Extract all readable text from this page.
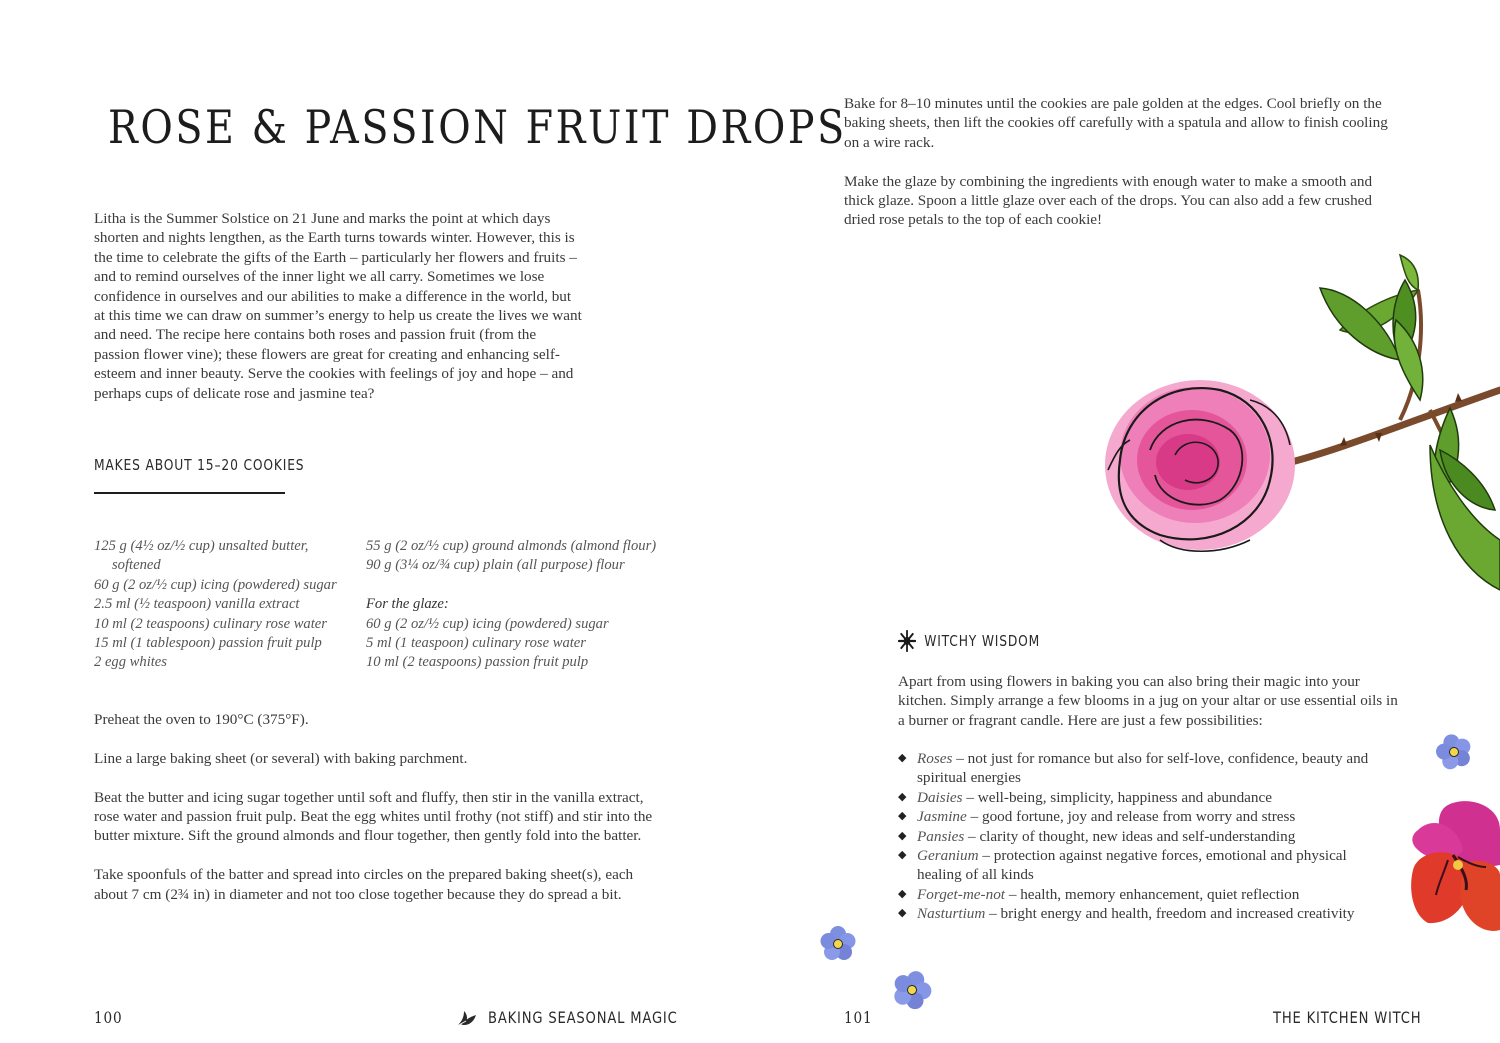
ROSE & PASSION FRUIT DROPS

Litha is the Summer Solstice on 21 June and marks the point at which days shorten and nights lengthen, as the Earth turns towards winter. However, this is the time to celebrate the gifts of the Earth – particularly her flowers and fruits – and to remind ourselves of the inner light we all carry. Sometimes we lose confidence in ourselves and our abilities to make a difference in the world, but at this time we can draw on summer’s energy to help us create the lives we want and need. The recipe here contains both roses and passion fruit (from the passion flower vine); these flowers are great for creating and enhancing self-esteem and inner beauty. Serve the cookies with feelings of joy and hope – and perhaps cups of delicate rose and jasmine tea?

MAKES ABOUT 15–20 COOKIES
125 g (4½ oz/½ cup) unsalted butter,
softened
60 g (2 oz/½ cup) icing (powdered) sugar
2.5 ml (½ teaspoon) vanilla extract
10 ml (2 teaspoons) culinary rose water
15 ml (1 tablespoon) passion fruit pulp
2 egg whites
55 g (2 oz/½ cup) ground almonds (almond flour)
90 g (3¼ oz/¾ cup) plain (all purpose) flour
For the glaze:
60 g (2 oz/½ cup) icing (powdered) sugar
5 ml (1 teaspoon) culinary rose water
10 ml (2 teaspoons) passion fruit pulp

Preheat the oven to 190°C (375°F).

Line a large baking sheet (or several) with baking parchment.

Beat the butter and icing sugar together until soft and fluffy, then stir in the vanilla extract, rose water and passion fruit pulp. Beat the egg whites until frothy (not stiff) and stir into the butter mixture. Sift the ground almonds and flour together, then gently fold into the batter.

Take spoonfuls of the batter and spread into circles on the prepared baking sheet(s), each about 7 cm (2¾ in) in diameter and not too close together because they do spread a bit.

100	BAKING SEASONAL MAGIC

Bake for 8–10 minutes until the cookies are pale golden at the edges. Cool briefly on the baking sheets, then lift the cookies off carefully with a spatula and allow to finish cooling on a wire rack.

Make the glaze by combining the ingredients with enough water to make a smooth and thick glaze. Spoon a little glaze over each of the drops. You can also add a few crushed dried rose petals to the top of each cookie!

WITCHY WISDOM

Apart from using flowers in baking you can also bring their magic into your kitchen. Simply arrange a few blooms in a jug on your altar or use essential oils in a burner or fragrant candle. Here are just a few possibilities:

◆ Roses – not just for romance but also for self-love, confidence, beauty and spiritual energies
◆ Daisies – well-being, simplicity, happiness and abundance
◆ Jasmine – good fortune, joy and release from worry and stress
◆ Pansies – clarity of thought, new ideas and self-understanding
◆ Geranium – protection against negative forces, emotional and physical healing of all kinds
◆ Forget-me-not – health, memory enhancement, quiet reflection
◆ Nasturtium – bright energy and health, freedom and increased creativity
101	THE KITCHEN WITCH
